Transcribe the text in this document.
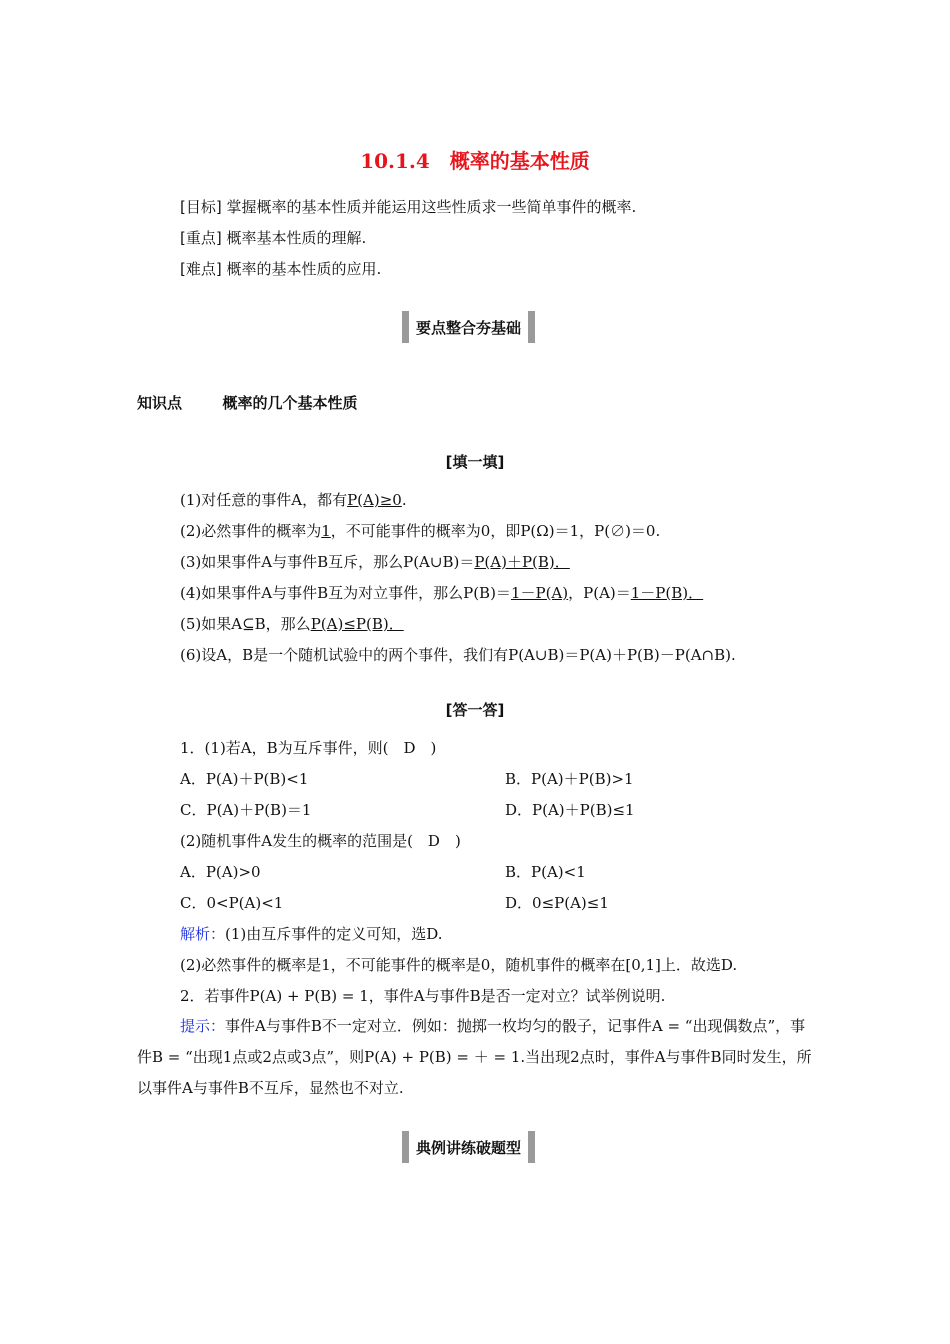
10.1.4　概率的基本性质
[目标] 掌握概率的基本性质并能运用这些性质求一些简单事件的概率.
[重点] 概率基本性质的理解.
[难点] 概率的基本性质的应用.
要点整合夯基础
知识点	概率的几个基本性质
[填一填]
(1)对任意的事件A，都有P(A)≥0.
(2)必然事件的概率为1，不可能事件的概率为0，即P(Ω)＝1，P(∅)＝0.
(3)如果事件A与事件B互斥，那么P(A∪B)＝P(A)＋P(B)．
(4)如果事件A与事件B互为对立事件，那么P(B)＝1－P(A)，P(A)＝1－P(B)．
(5)如果A⊆B，那么P(A)≤P(B)．
(6)设A，B是一个随机试验中的两个事件，我们有P(A∪B)＝P(A)＋P(B)－P(A∩B).
[答一答]
1．(1)若A，B为互斥事件，则(　D　)
A．P(A)＋P(B)<1	B．P(A)＋P(B)>1
C．P(A)＋P(B)＝1	D．P(A)＋P(B)≤1
(2)随机事件A发生的概率的范围是(　D　)
A．P(A)>0	B．P(A)<1
C．0<P(A)<1	D．0≤P(A)≤1
解析：(1)由互斥事件的定义可知，选D.
(2)必然事件的概率是1，不可能事件的概率是0，随机事件的概率在[0,1]上．故选D.
2．若事件P(A) + P(B) = 1，事件A与事件B是否一定对立？试举例说明.
提示：事件A与事件B不一定对立．例如：抛掷一枚均匀的骰子，记事件A = “出现偶数点”，事件B = “出现1点或2点或3点”，则P(A) + P(B) = ＋ = 1.当出现2点时，事件A与事件B同时发生，所以事件A与事件B不互斥，显然也不对立.
典例讲练破题型
